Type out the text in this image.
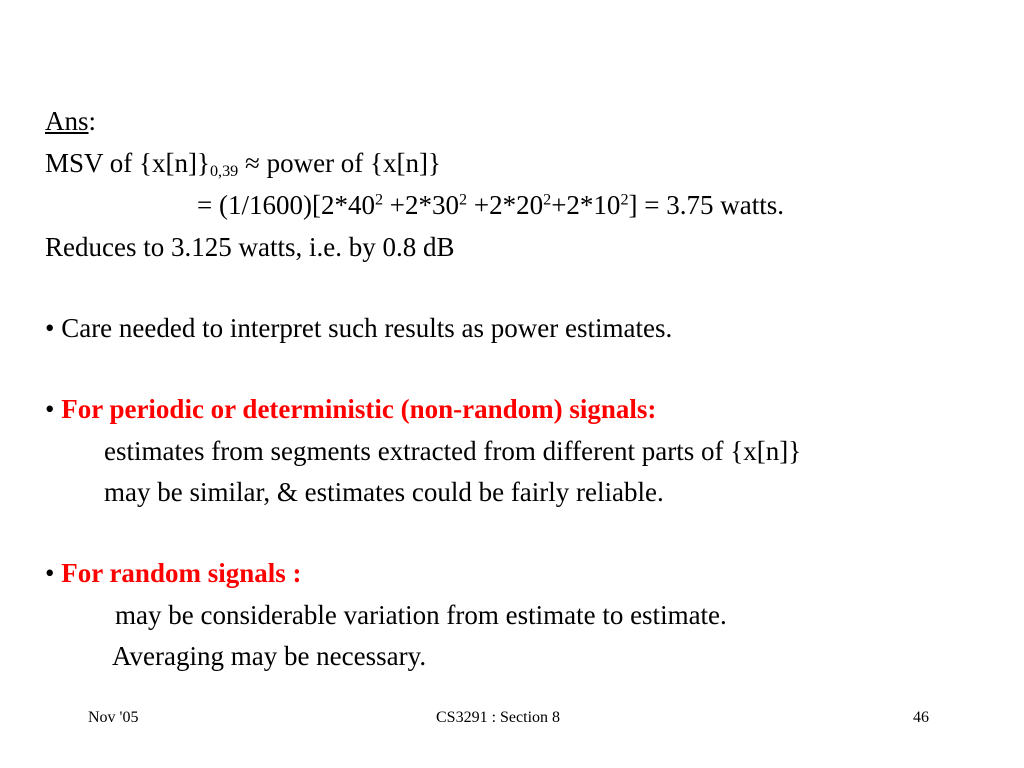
Ans:
MSV of $\{x[n]\}_{0,39}$ ≈ power of {x[n]}
= $(1/1600)[2*40^2 +2*30^2 +2*20^2+2*10^2] = 3.75$ watts.
Reduces to 3.125 watts, i.e. by 0.8 dB
• Care needed to interpret such results as power estimates.
• For periodic or deterministic (non-random) signals:
estimates from segments extracted from different parts of {x[n]}
may be similar, & estimates could be fairly reliable.
• For random signals :
may be considerable variation from estimate to estimate.
Averaging may be necessary.
Nov '05	CS3291 : Section 8	46
